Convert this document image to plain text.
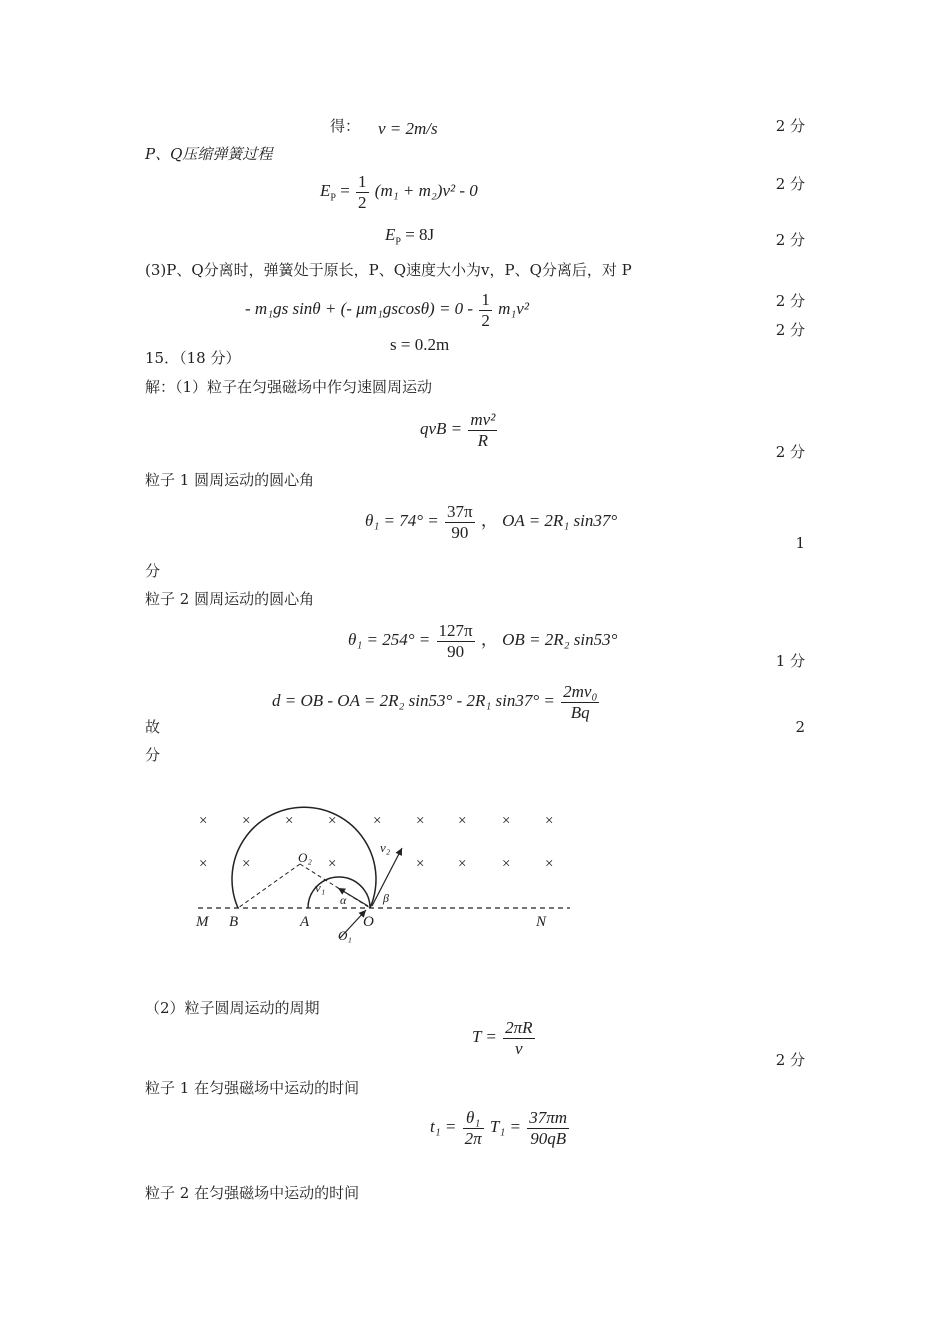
得： v = 2m/s	2 分
P、Q压缩弹簧过程
$E_P = \frac{1}{2} (m_1 + m_2)v^2 - 0$	2 分
$E_P = 8J$	2 分
(3)P、Q分离时，弹簧处于原长，P、Q速度大小为v，P、Q分离后，对 P
- m₁gs sinθ + (- $\mu m_1gscos\theta) = 0 - \frac{1}{2} m_1v^2$	2 分
2 分
s = 0.2m
15．（18 分）
解：（1）粒子在匀强磁场中作匀速圆周运动
qvB = $\frac{\text{mv²}}{R}$
2 分
粒子 1 圆周运动的圆心角
$\theta_1 = 74^\circ = \frac{37\pi}{90}$ ， OA = 2R₁ sin37°
1
分
粒子 2 圆周运动的圆心角
$\theta_1 = 254^\circ = \frac{127\pi}{90}$ ， OB = 2R₂ sin53°
1 分
d = OB - OA = 2R₂ sin53° - 2R₁ $\sin 37^\circ = \frac{\text{2mv₀}}{Bq}$
故	2
分
× × × × × × × × ×
× ×	×	× × × ×
M B	A	O	N
O₁
O₂
v₁
v₂
α	β
（2）粒子圆周运动的周期
$T = \frac{2\pi R}{v}$
2 分
粒子 1 在匀强磁场中运动的时间
$t_1 = \frac{\text{θ₁}}{2\pi} T_1 = \frac{37\pi m}{90qB}$
粒子 2 在匀强磁场中运动的时间
